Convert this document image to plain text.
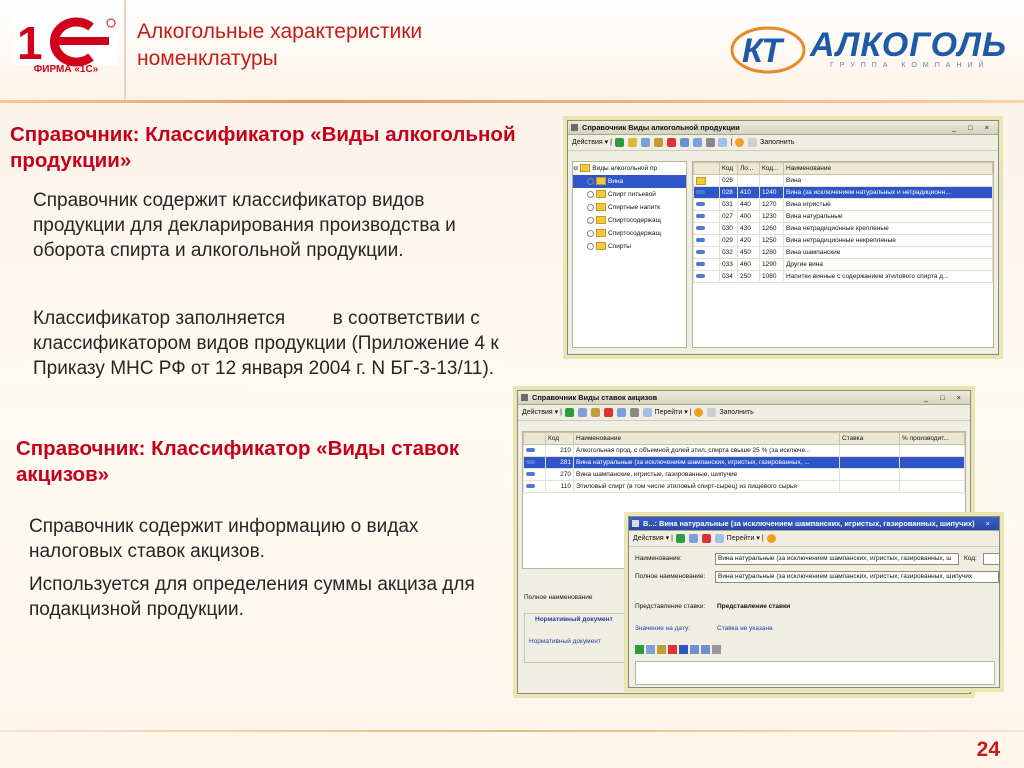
1
ФИРМА «1С»
Алкогольные характеристики
номенклатуры	КТ АЛКОГОЛЬ
ГРУППА КОМПАНИЙ
Справочник: Классификатор «Виды алкогольной продукции»
Справочник содержит классификатор видов продукции для декларирования производства и оборота спирта и алкогольной продукции.
Классификатор заполняется         в соответствии с классификатором видов продукции (Приложение 4 к Приказу МНС РФ от 12 января 2004 г. N БГ-3-13/11).
Справочник: Классификатор «Виды ставок акцизов»
Справочник содержит информацию о видах налоговых ставок акцизов.
Используется для определения суммы акциза для подакцизной продукции.
Справочник Виды алкогольной продукции	_ □ ×
Действия ▾ |	|	Заполнить
⊖ Виды алкогольной пр
Вина
Спирт питьевой
Спиртные напитк
Спиртосодержащ
Спиртосодержащ
Спирты
	Код	Ло...	Код...	Наименование
	026			Вина
	028	410	1240	Вина (за исключением натуральных и нетрадиционн...
	031	440	1270	Вина игристые
	027	400	1230	Вина натуральные
	030	430	1260	Вина нетрадиционные крепленые
	029	420	1250	Вина нетрадиционные некрепленые
	032	450	1280	Вина шампанские
	033	460	1290	Другие вина
	034	250	1080	Напитки винные с содержанием этилового спирта д...
Справочник Виды ставок акцизов	_ □ ×
Действия ▾ |	Перейти ▾ |	Заполнить
	Код	Наименование	Ставка	% производит...
	210	Алкогольная прод. с объемной долей этил. спирта свыше 25 % (за исключе...		
	281	Вина натуральные (за исключением шампанских, игристых, газированных, ...		
	270	Вина шампанские, игристые, газированные, шипучие		
	110	Этиловый спирт (в том числе этиловый спирт-сырец) из пищевого сырья		
Полное наименование
Нормативный документ
Нормативный документ
В...: Вина натуральные (за исключением шампанских, игристых, газированных, шипучих) ×
Действия ▾ |	Перейти ▾ |
Наименование:	Вина натуральные (за исключением шампанских, игристых, газированных, ш	Код:
Полное наименование:	Вина натуральные (за исключением шампанских, игристых, газированных, шипучих
Представление ставки: Представление ставки
Значение на дату:	Ставка не указана

24
